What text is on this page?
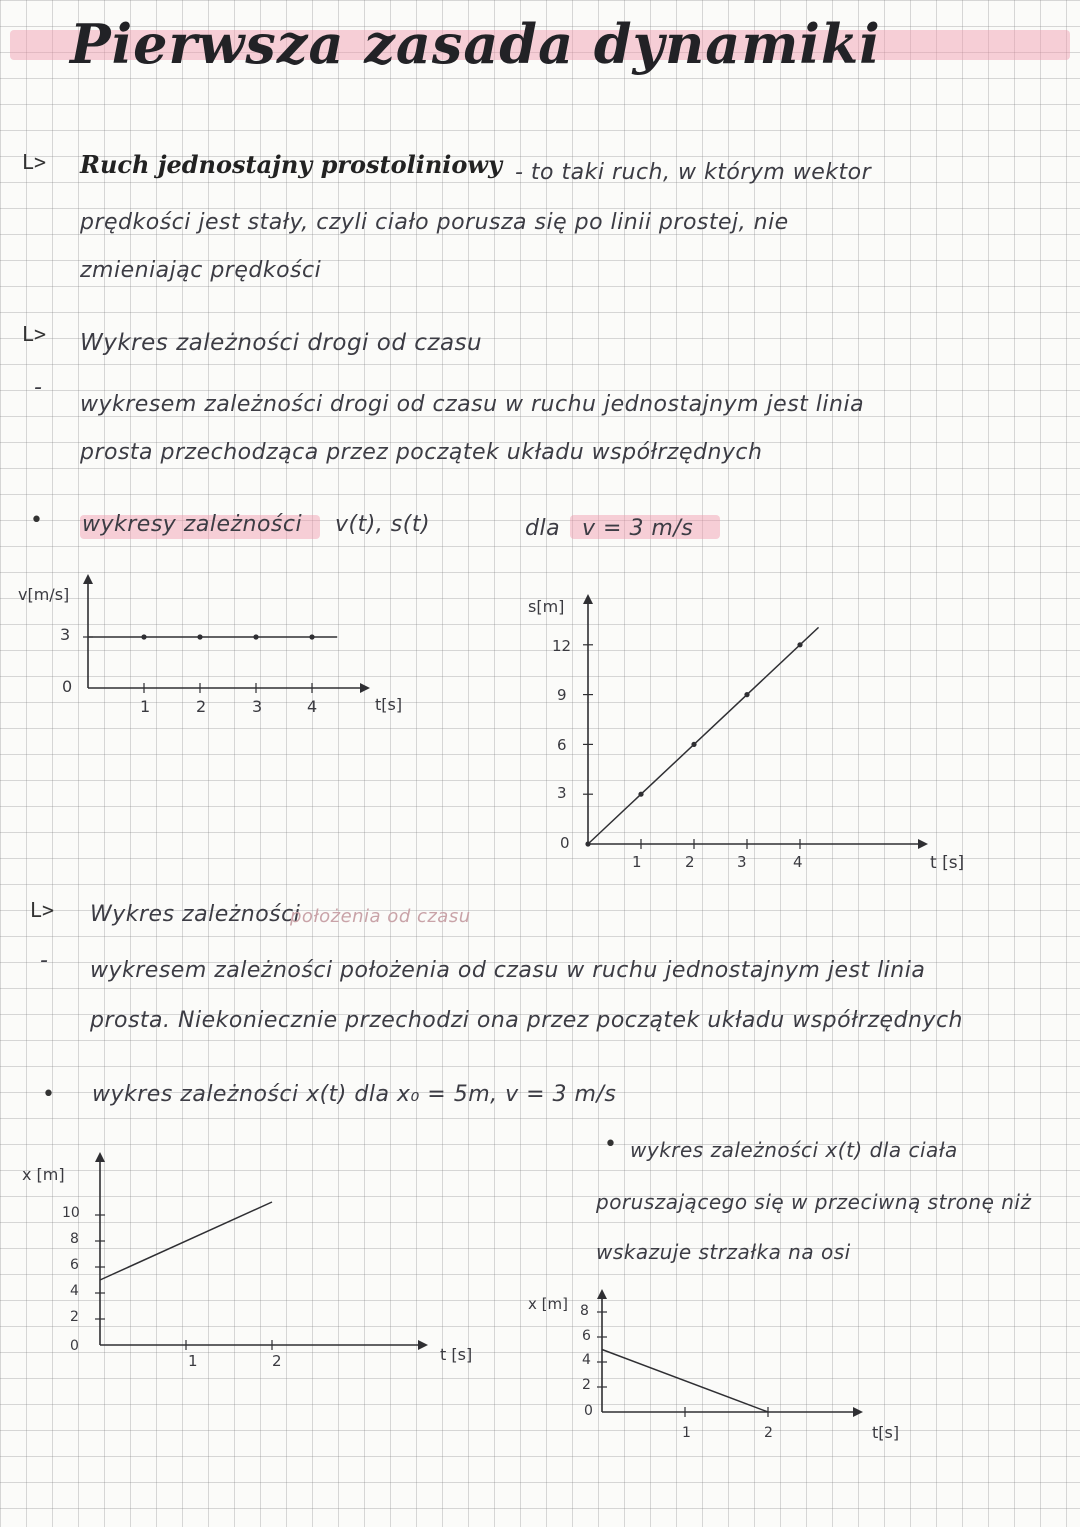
Pierwsza zasada dynamiki
L> Ruch jednostajny prostoliniowy - to taki ruch, w którym wektor
prędkości jest stały, czyli ciało porusza się po linii prostej, nie
zmieniając prędkości
L> Wykres zależności drogi od czasu
-
wykresem zależności drogi od czasu w ruchu jednostajnym jest linia
prosta przechodząca przez początek układu współrzędnych
• wykresy zależności v(t), s(t)	dla v = 3 m/s
v[m/s]
t[s]
3
0
1	2	3	4
s[m]
t [s]
12
9
6
3
0
1	2	3	4
L> Wykres zależności
położenia od czasu
- wykresem zależności położenia od czasu w ruchu jednostajnym jest linia
prosta. Niekoniecznie przechodzi ona przez początek układu współrzędnych
• wykres zależności x(t) dla x₀ = 5m, v = 3 m/s
• wykres zależności x(t) dla ciała
poruszającego się w przeciwną stronę niż
wskazuje strzałka na osi
x [m]
t [s]
10
8
6
4
2
0
1	2
x [m]
t[s]
8
6
4
2
0
1	2
